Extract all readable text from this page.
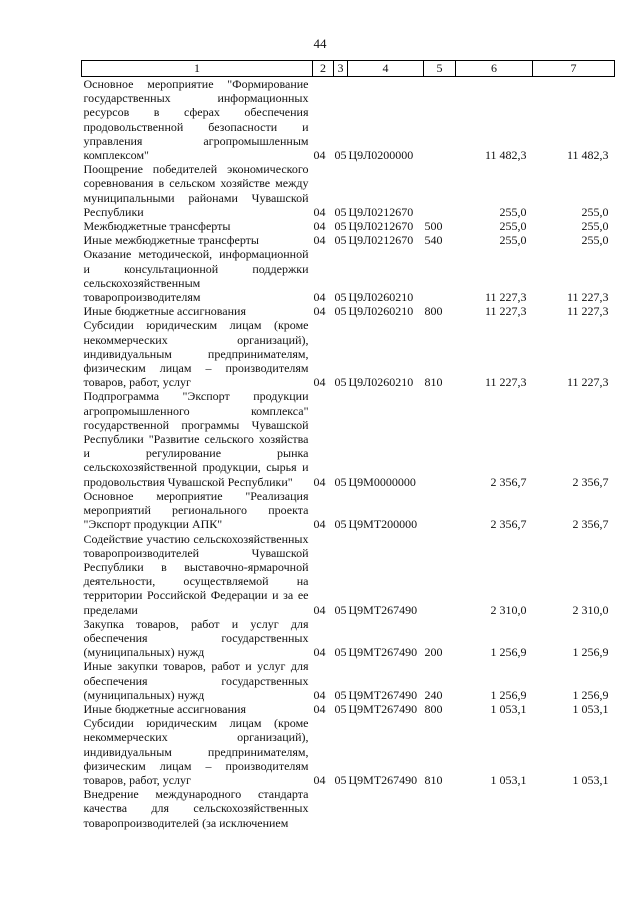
44
1	2	3	4	5	6	7
Основное мероприятие "Формирование государственных информационных ресурсов в сферах обеспечения продовольственной безопасности и управления агропромышленным комплексом"	04	05	Ц9Л0200000		11 482,3	11 482,3
Поощрение победителей экономического соревнования в сельском хозяйстве между муниципальными районами Чувашской Республики	04	05	Ц9Л0212670		255,0	255,0
Межбюджетные трансферты	04	05	Ц9Л0212670	500	255,0	255,0
Иные межбюджетные трансферты	04	05	Ц9Л0212670	540	255,0	255,0
Оказание методической, информационной и консультационной поддержки сельскохозяйственным товаропроизводителям	04	05	Ц9Л0260210		11 227,3	11 227,3
Иные бюджетные ассигнования	04	05	Ц9Л0260210	800	11 227,3	11 227,3
Субсидии юридическим лицам (кроме некоммерческих организаций), индивидуальным предпринимателям, физическим лицам – производителям товаров, работ, услуг	04	05	Ц9Л0260210	810	11 227,3	11 227,3
Подпрограмма "Экспорт продукции агропромышленного комплекса" государственной программы Чувашской Республики "Развитие сельского хозяйства и регулирование рынка сельскохозяйственной продукции, сырья и продовольствия Чувашской Республики"	04	05	Ц9М0000000		2 356,7	2 356,7
Основное мероприятие "Реализация мероприятий регионального проекта "Экспорт продукции АПК"	04	05	Ц9МТ200000		2 356,7	2 356,7
Содействие участию сельскохозяйственных товаропроизводителей Чувашской Республики в выставочно-ярмарочной деятельности, осуществляемой на территории Российской Федерации и за ее пределами	04	05	Ц9МТ267490		2 310,0	2 310,0
Закупка товаров, работ и услуг для обеспечения государственных (муниципальных) нужд	04	05	Ц9МТ267490	200	1 256,9	1 256,9
Иные закупки товаров, работ и услуг для обеспечения государственных (муниципальных) нужд	04	05	Ц9МТ267490	240	1 256,9	1 256,9
Иные бюджетные ассигнования	04	05	Ц9МТ267490	800	1 053,1	1 053,1
Субсидии юридическим лицам (кроме некоммерческих организаций), индивидуальным предпринимателям, физическим лицам – производителям товаров, работ, услуг	04	05	Ц9МТ267490	810	1 053,1	1 053,1
Внедрение международного стандарта качества для сельскохозяйственных товаропроизводителей (за исключением						
